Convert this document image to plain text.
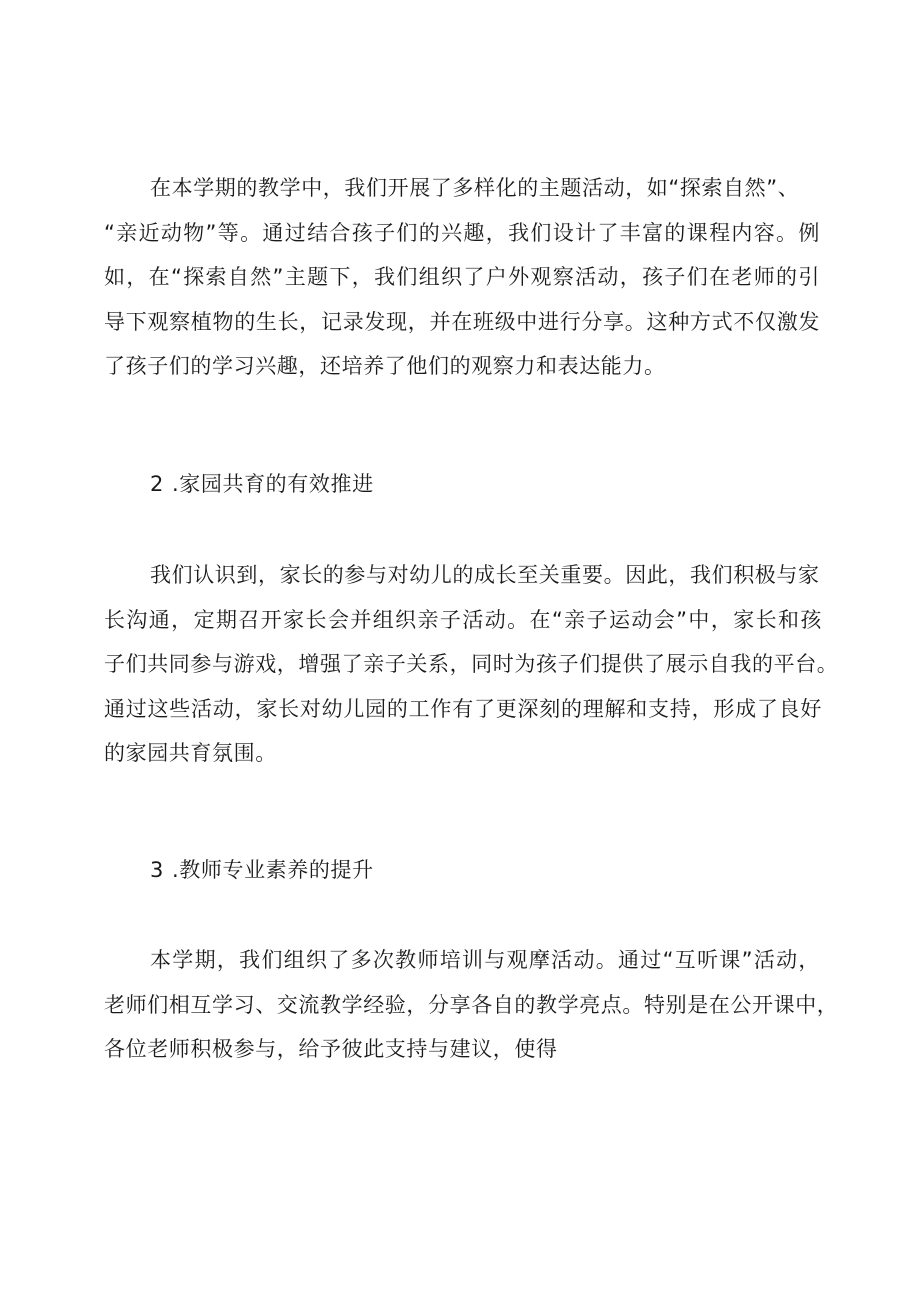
在本学期的教学中，我们开展了多样化的主题活动，如“探索自然”、
“亲近动物”等。通过结合孩子们的兴趣，我们设计了丰富的课程内容。例
如，在“探索自然”主题下，我们组织了户外观察活动，孩子们在老师的引
导下观察植物的生长，记录发现，并在班级中进行分享。这种方式不仅激发
了孩子们的学习兴趣，还培养了他们的观察力和表达能力。
2 .家园共育的有效推进
我们认识到，家长的参与对幼儿的成长至关重要。因此，我们积极与家
长沟通，定期召开家长会并组织亲子活动。在“亲子运动会”中，家长和孩
子们共同参与游戏，增强了亲子关系，同时为孩子们提供了展示自我的平台。
通过这些活动，家长对幼儿园的工作有了更深刻的理解和支持，形成了良好
的家园共育氛围。
3 .教师专业素养的提升
本学期，我们组织了多次教师培训与观摩活动。通过“互听课”活动，
老师们相互学习、交流教学经验，分享各自的教学亮点。特别是在公开课中，
各位老师积极参与，给予彼此支持与建议，使得
